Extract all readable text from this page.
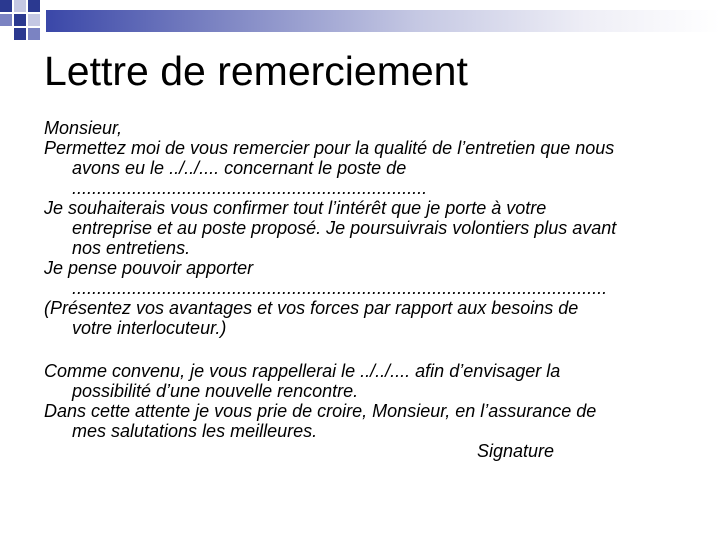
Lettre de remerciement
Monsieur,
Permettez moi de vous remercier pour la qualité de l’entretien que nous
avons eu le ../../.... concernant le poste de
.......................................................................
Je souhaiterais vous confirmer tout l’intérêt que je porte à votre
entreprise et au poste proposé. Je poursuivrais volontiers plus avant
nos entretiens.
Je pense pouvoir apporter
...........................................................................................................
(Présentez vos avantages et vos forces par rapport aux besoins de
votre interlocuteur.)
Comme convenu, je vous rappellerai le ../../.... afin d’envisager la
possibilité d’une nouvelle rencontre.
Dans cette attente je vous prie de croire, Monsieur, en l’assurance de
mes salutations les meilleures.
Signature
